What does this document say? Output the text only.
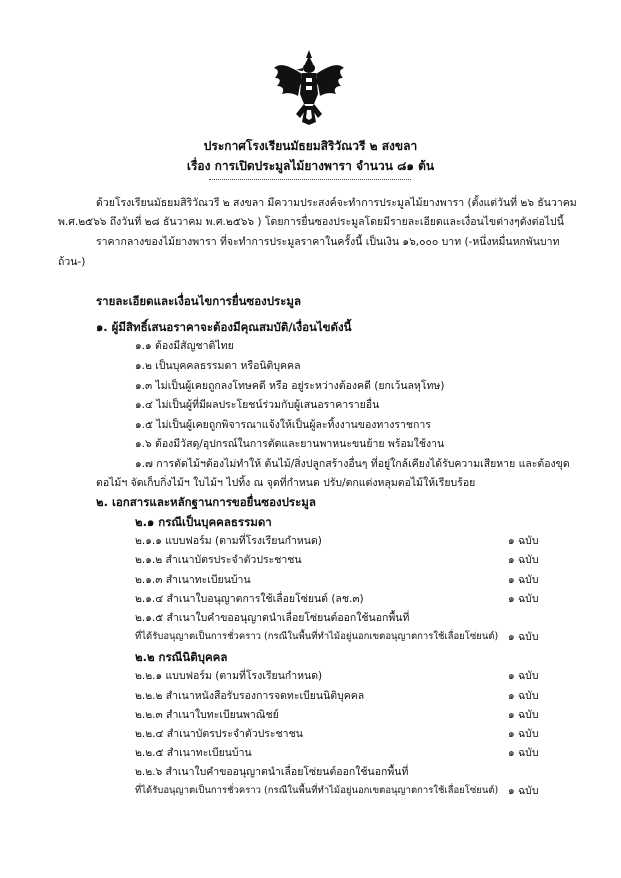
ประกาศโรงเรียนมัธยมสิริวัณวรี ๒ สงขลา
เรื่อง การเปิดประมูลไม้ยางพารา จำนวน ๘๑ ต้น
ด้วยโรงเรียนมัธยมสิริวัณวรี ๒ สงขลา มีความประสงค์จะทำการประมูลไม้ยางพารา (ตั้งแต่วันที่ ๒๖ ธันวาคม
พ.ศ.๒๕๖๖ ถึงวันที่ ๒๘ ธันวาคม พ.ศ.๒๕๖๖ ) โดยการยื่นซองประมูลโดยมีรายละเอียดและเงื่อนไขต่างๆดังต่อไปนี้
ราคากลางของไม้ยางพารา ที่จะทำการประมูลราคาในครั้งนี้ เป็นเงิน ๑๖,๐๐๐ บาท (-หนึ่งหมื่นหกพันบาท
ถ้วน-)
รายละเอียดและเงื่อนไขการยื่นซองประมูล
๑. ผู้มีสิทธิ์เสนอราคาจะต้องมีคุณสมบัติ/เงื่อนไขดังนี้
๑.๑ ต้องมีสัญชาติไทย
๑.๒ เป็นบุคคลธรรมดา หรือนิติบุคคล
๑.๓ ไม่เป็นผู้เคยถูกลงโทษคดี หรือ อยู่ระหว่างต้องคดี (ยกเว้นลหุโทษ)
๑.๔ ไม่เป็นผู้ที่มีผลประโยชน์ร่วมกับผู้เสนอราคารายอื่น
๑.๕ ไม่เป็นผู้เคยถูกพิจารณาแจ้งให้เป็นผู้ละทิ้งงานของทางราชการ
๑.๖ ต้องมีวัสดุ/อุปกรณ์ในการตัดและยานพาหนะขนย้าย พร้อมใช้งาน
๑.๗ การตัดไม้ฯต้องไม่ทำให้ ต้นไม้/สิ่งปลูกสร้างอื่นๆ ที่อยู่ใกล้เคียงได้รับความเสียหาย และต้องขุด
ตอไม้ฯ จัดเก็บกิ่งไม้ฯ ใบไม้ฯ ไปทิ้ง ณ จุดที่กำหนด ปรับ/ตกแต่งหลุมตอไม้ให้เรียบร้อย
๒. เอกสารและหลักฐานการขอยื่นซองประมูล
๒.๑ กรณีเป็นบุคคลธรรมดา
๒.๑.๑ แบบฟอร์ม (ตามที่โรงเรียนกำหนด)	๑ ฉบับ
๒.๑.๒ สำเนาบัตรประจำตัวประชาชน	๑ ฉบับ
๒.๑.๓ สำเนาทะเบียนบ้าน	๑ ฉบับ
๒.๑.๔ สำเนาใบอนุญาตการใช้เลื่อยโซ่ยนต์ (ลช.๓)	๑ ฉบับ
๒.๑.๕ สำเนาใบคำขออนุญาตนำเลื่อยโซ่ยนต์ออกใช้นอกพื้นที่
ที่ได้รับอนุญาตเป็นการชั่วคราว (กรณีในพื้นที่ทำไม้อยู่นอกเขตอนุญาตการใช้เลื่อยโซ่ยนต์) ๑ ฉบับ
๒.๒ กรณีนิติบุคคล
๒.๒.๑ แบบฟอร์ม (ตามที่โรงเรียนกำหนด)	๑ ฉบับ
๒.๒.๒ สำเนาหนังสือรับรองการจดทะเบียนนิติบุคคล	๑ ฉบับ
๒.๒.๓ สำเนาใบทะเบียนพาณิชย์	๑ ฉบับ
๒.๒.๔ สำเนาบัตรประจำตัวประชาชน	๑ ฉบับ
๒.๒.๕ สำเนาทะเบียนบ้าน	๑ ฉบับ
๒.๒.๖ สำเนาใบคำขออนุญาตนำเลื่อยโซ่ยนต์ออกใช้นอกพื้นที่
ที่ได้รับอนุญาตเป็นการชั่วคราว (กรณีในพื้นที่ทำไม้อยู่นอกเขตอนุญาตการใช้เลื่อยโซ่ยนต์) ๑ ฉบับ
